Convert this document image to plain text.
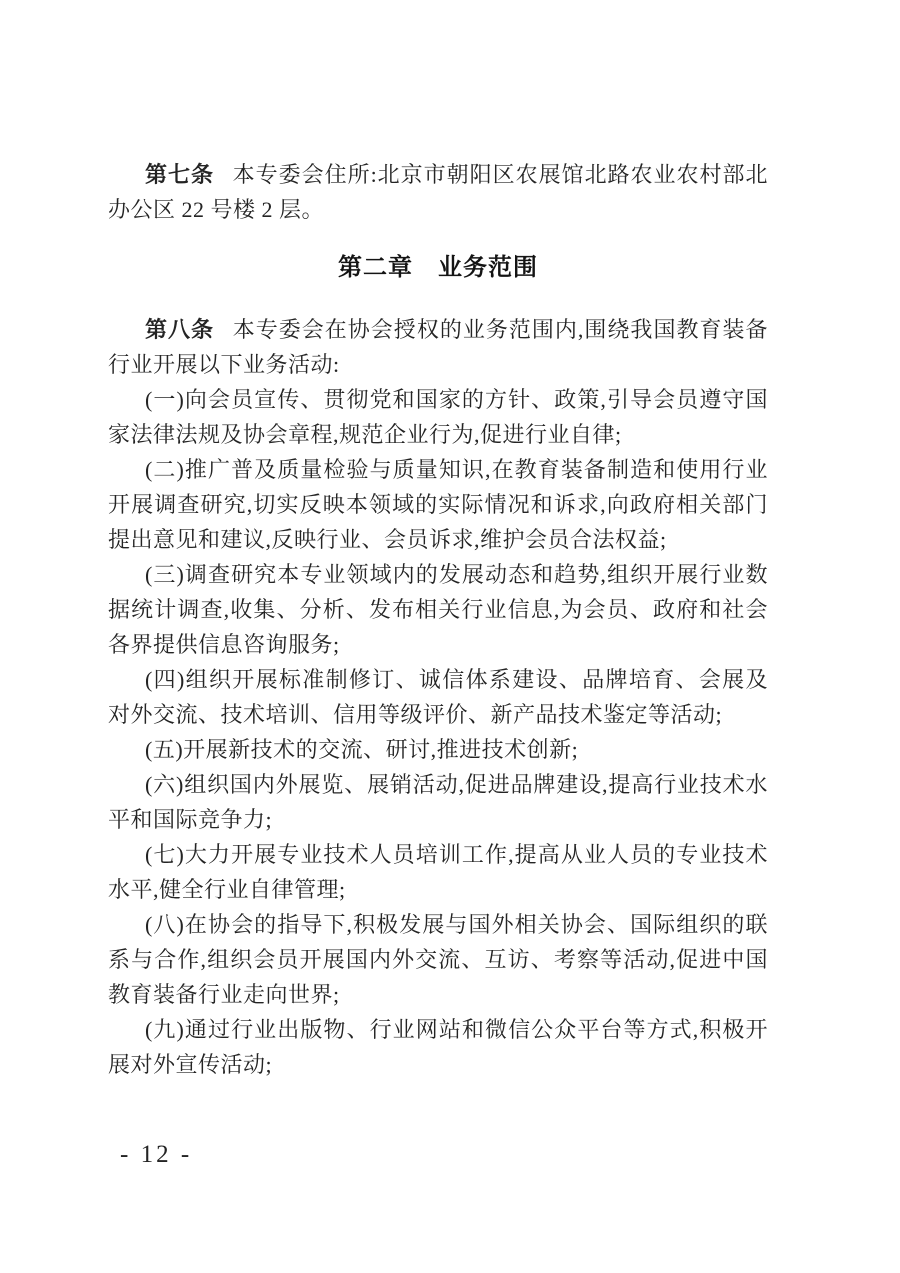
第七条 本专委会住所:北京市朝阳区农展馆北路农业农村部北办公区 22 号楼 2 层。

第二章　业务范围

第八条 本专委会在协会授权的业务范围内,围绕我国教育装备行业开展以下业务活动:

(一)向会员宣传、贯彻党和国家的方针、政策,引导会员遵守国家法律法规及协会章程,规范企业行为,促进行业自律;

(二)推广普及质量检验与质量知识,在教育装备制造和使用行业开展调查研究,切实反映本领域的实际情况和诉求,向政府相关部门提出意见和建议,反映行业、会员诉求,维护会员合法权益;

(三)调查研究本专业领域内的发展动态和趋势,组织开展行业数据统计调查,收集、分析、发布相关行业信息,为会员、政府和社会各界提供信息咨询服务;

(四)组织开展标准制修订、诚信体系建设、品牌培育、会展及对外交流、技术培训、信用等级评价、新产品技术鉴定等活动;

(五)开展新技术的交流、研讨,推进技术创新;

(六)组织国内外展览、展销活动,促进品牌建设,提高行业技术水平和国际竞争力;

(七)大力开展专业技术人员培训工作,提高从业人员的专业技术水平,健全行业自律管理;

(八)在协会的指导下,积极发展与国外相关协会、国际组织的联系与合作,组织会员开展国内外交流、互访、考察等活动,促进中国教育装备行业走向世界;

(九)通过行业出版物、行业网站和微信公众平台等方式,积极开展对外宣传活动;

- 12 -
